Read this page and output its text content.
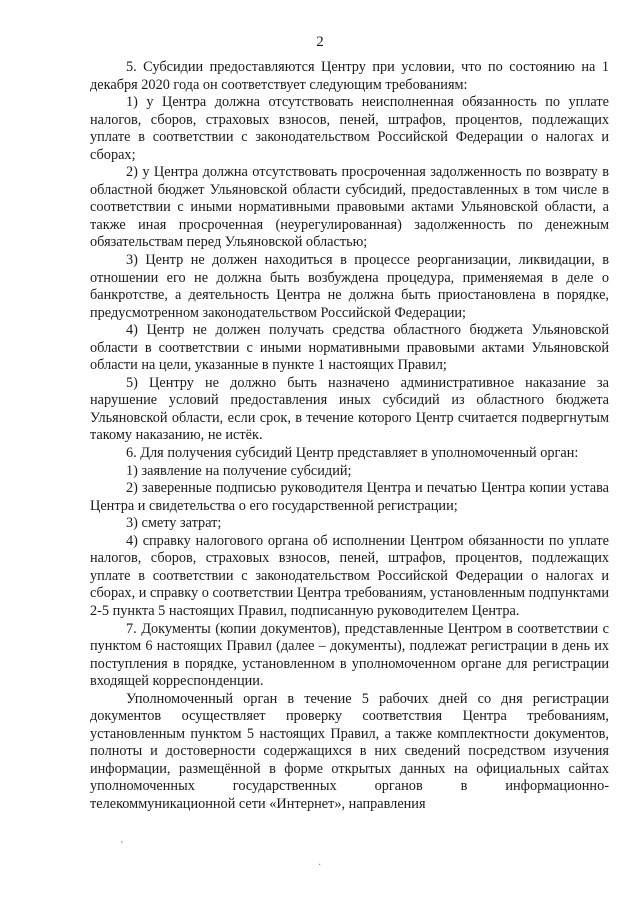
2

5. Субсидии предоставляются Центру при условии, что по состоянию на 1 декабря 2020 года он соответствует следующим требованиям:

1) у Центра должна отсутствовать неисполненная обязанность по уплате налогов, сборов, страховых взносов, пеней, штрафов, процентов, подлежащих уплате в соответствии с законодательством Российской Федерации о налогах и сборах;

2) у Центра должна отсутствовать просроченная задолженность по возврату в областной бюджет Ульяновской области субсидий, предоставленных в том числе в соответствии с иными нормативными правовыми актами Ульяновской области, а также иная просроченная (неурегулированная) задолженность по денежным обязательствам перед Ульяновской областью;

3) Центр не должен находиться в процессе реорганизации, ликвидации, в отношении его не должна быть возбуждена процедура, применяемая в деле о банкротстве, а деятельность Центра не должна быть приостановлена в порядке, предусмотренном законодательством Российской Федерации;

4) Центр не должен получать средства областного бюджета Ульяновской области в соответствии с иными нормативными правовыми актами Ульяновской области на цели, указанные в пункте 1 настоящих Правил;

5) Центру не должно быть назначено административное наказание за нарушение условий предоставления иных субсидий из областного бюджета Ульяновской области, если срок, в течение которого Центр считается подвергнутым такому наказанию, не истёк.

6. Для получения субсидий Центр представляет в уполномоченный орган:

1) заявление на получение субсидий;

2) заверенные подписью руководителя Центра и печатью Центра копии устава Центра и свидетельства о его государственной регистрации;

3) смету затрат;

4) справку налогового органа об исполнении Центром обязанности по уплате налогов, сборов, страховых взносов, пеней, штрафов, процентов, подлежащих уплате в соответствии с законодательством Российской Федерации о налогах и сборах, и справку о соответствии Центра требованиям, установленным подпунктами 2-5 пункта 5 настоящих Правил, подписанную руководителем Центра.

7. Документы (копии документов), представленные Центром в соответствии с пунктом 6 настоящих Правил (далее – документы), подлежат регистрации в день их поступления в порядке, установленном в уполномоченном органе для регистрации входящей корреспонденции.

Уполномоченный орган в течение 5 рабочих дней со дня регистрации документов осуществляет проверку соответствия Центра требованиям, установленным пунктом 5 настоящих Правил, а также комплектности документов, полноты и достоверности содержащихся в них сведений посредством изучения информации, размещённой в форме открытых данных на официальных сайтах уполномоченных государственных органов в информационно-телекоммуникационной сети «Интернет», направления

'
·
